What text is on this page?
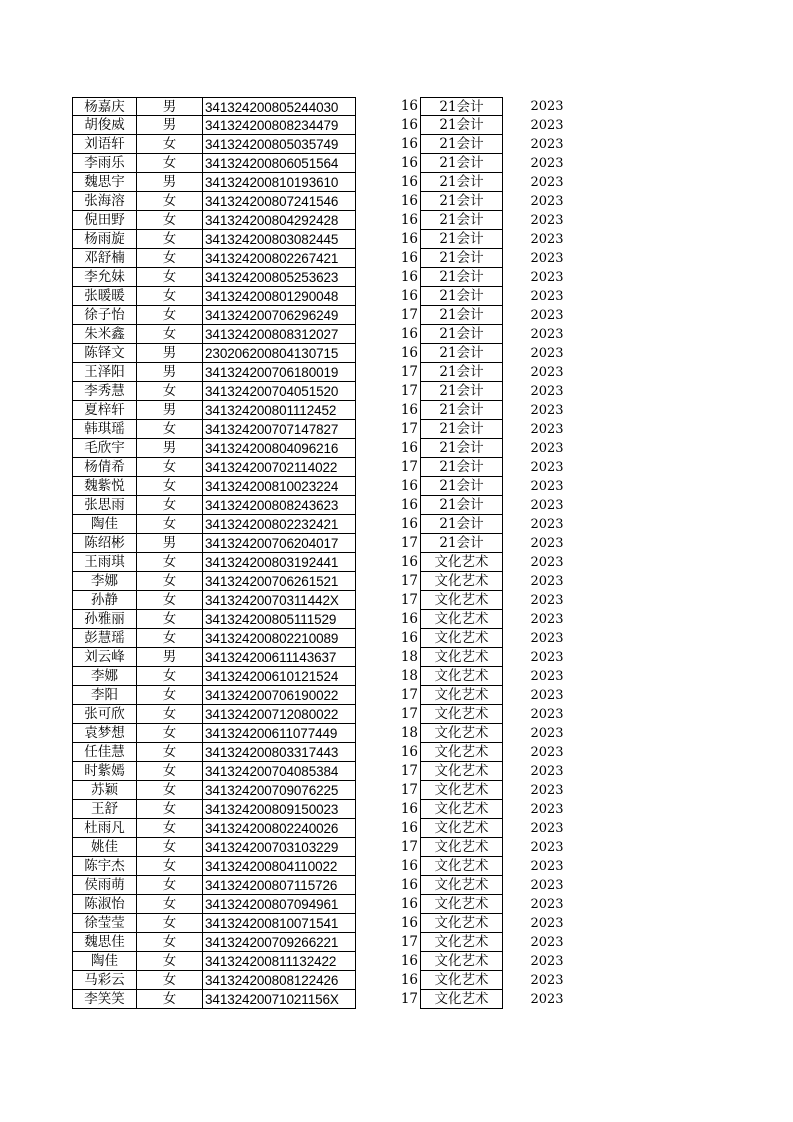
杨嘉庆	男	341324200805244030	16	21会计	2023
胡俊威	男	341324200808234479	16	21会计	2023
刘语轩	女	341324200805035749	16	21会计	2023
李雨乐	女	341324200806051564	16	21会计	2023
魏思宇	男	341324200810193610	16	21会计	2023
张海溶	女	341324200807241546	16	21会计	2023
倪田野	女	341324200804292428	16	21会计	2023
杨雨旋	女	341324200803082445	16	21会计	2023
邓舒楠	女	341324200802267421	16	21会计	2023
李允妹	女	341324200805253623	16	21会计	2023
张暖暖	女	341324200801290048	16	21会计	2023
徐子怡	女	341324200706296249	17	21会计	2023
朱米鑫	女	341324200808312027	16	21会计	2023
陈铎文	男	230206200804130715	16	21会计	2023
王泽阳	男	341324200706180019	17	21会计	2023
李秀慧	女	341324200704051520	17	21会计	2023
夏梓轩	男	341324200801112452	16	21会计	2023
韩琪瑶	女	341324200707147827	17	21会计	2023
毛欣宇	男	341324200804096216	16	21会计	2023
杨倩希	女	341324200702114022	17	21会计	2023
魏紫悦	女	341324200810023224	16	21会计	2023
张思雨	女	341324200808243623	16	21会计	2023
陶佳	女	341324200802232421	16	21会计	2023
陈绍彬	男	341324200706204017	17	21会计	2023
王雨琪	女	341324200803192441	16	文化艺术	2023
李娜	女	341324200706261521	17	文化艺术	2023
孙静	女	34132420070311442X	17	文化艺术	2023
孙雅丽	女	341324200805111529	16	文化艺术	2023
彭慧瑶	女	341324200802210089	16	文化艺术	2023
刘云峰	男	341324200611143637	18	文化艺术	2023
李娜	女	341324200610121524	18	文化艺术	2023
李阳	女	341324200706190022	17	文化艺术	2023
张可欣	女	341324200712080022	17	文化艺术	2023
袁梦想	女	341324200611077449	18	文化艺术	2023
任佳慧	女	341324200803317443	16	文化艺术	2023
时紫嫣	女	341324200704085384	17	文化艺术	2023
苏颖	女	341324200709076225	17	文化艺术	2023
王舒	女	341324200809150023	16	文化艺术	2023
杜雨凡	女	341324200802240026	16	文化艺术	2023
姚佳	女	341324200703103229	17	文化艺术	2023
陈宇杰	女	341324200804110022	16	文化艺术	2023
侯雨萌	女	341324200807115726	16	文化艺术	2023
陈淑怡	女	341324200807094961	16	文化艺术	2023
徐莹莹	女	341324200810071541	16	文化艺术	2023
魏思佳	女	341324200709266221	17	文化艺术	2023
陶佳	女	341324200811132422	16	文化艺术	2023
马彩云	女	341324200808122426	16	文化艺术	2023
李笑笑	女	34132420071021156X	17	文化艺术	2023
